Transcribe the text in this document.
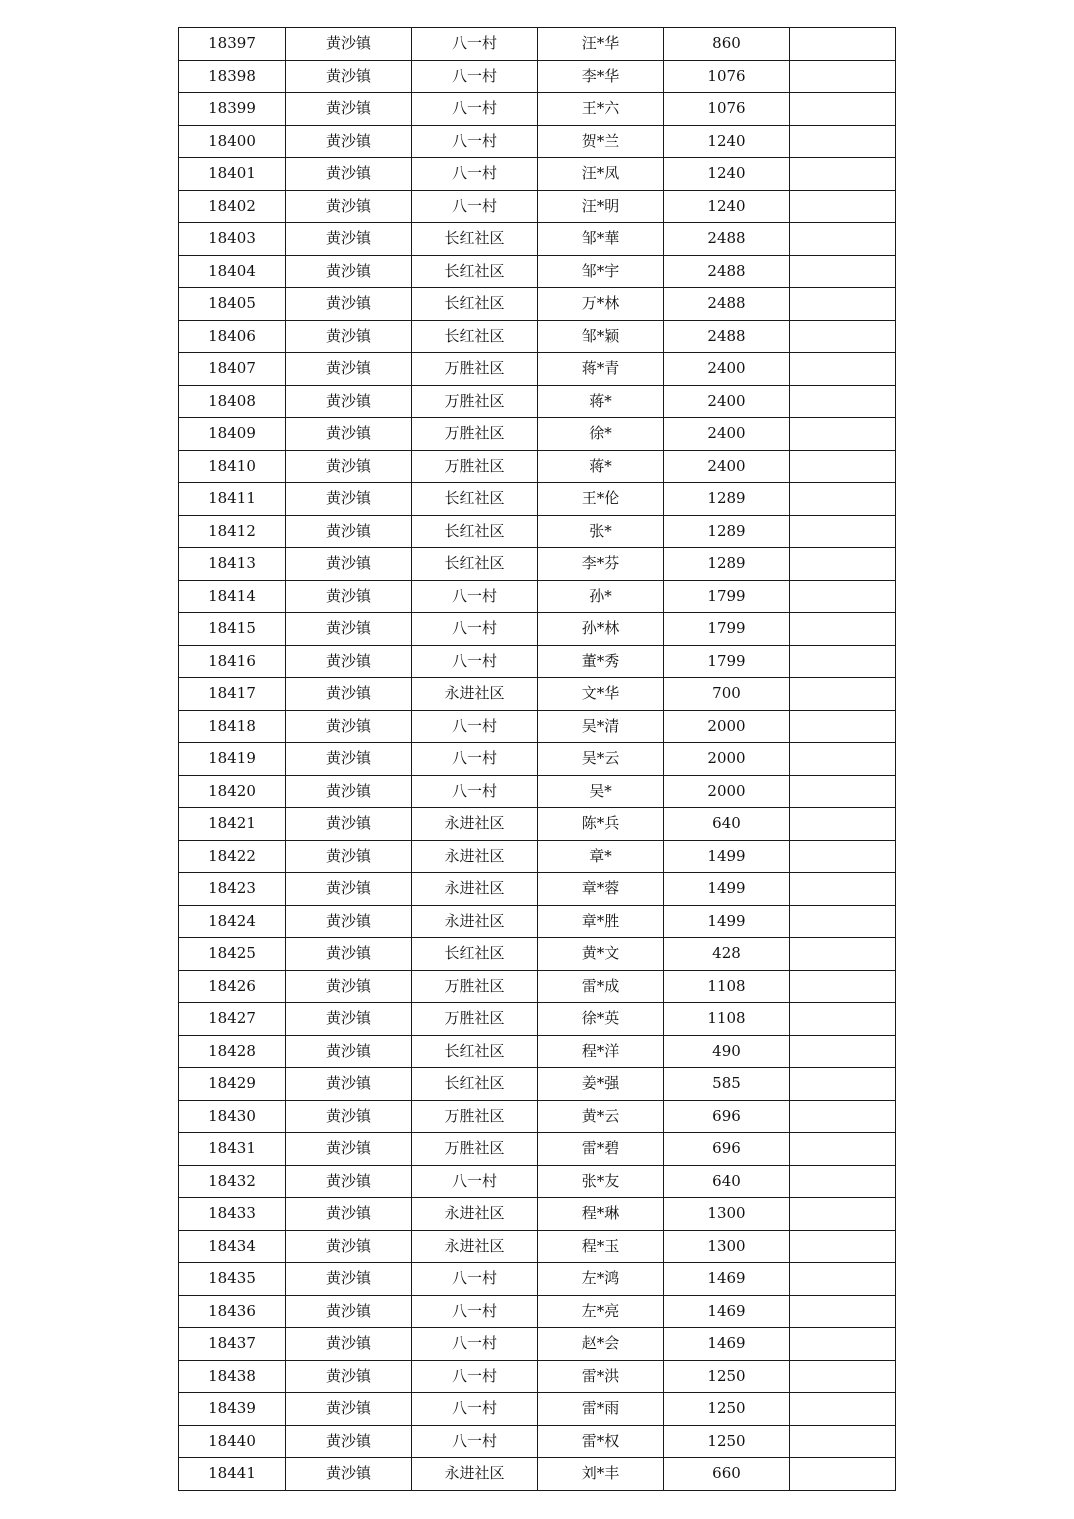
18397	黄沙镇	八一村	汪*华	860	
18398	黄沙镇	八一村	李*华	1076	
18399	黄沙镇	八一村	王*六	1076	
18400	黄沙镇	八一村	贺*兰	1240	
18401	黄沙镇	八一村	汪*凤	1240	
18402	黄沙镇	八一村	汪*明	1240	
18403	黄沙镇	长红社区	邹*華	2488	
18404	黄沙镇	长红社区	邹*宇	2488	
18405	黄沙镇	长红社区	万*林	2488	
18406	黄沙镇	长红社区	邹*颖	2488	
18407	黄沙镇	万胜社区	蒋*青	2400	
18408	黄沙镇	万胜社区	蒋*	2400	
18409	黄沙镇	万胜社区	徐*	2400	
18410	黄沙镇	万胜社区	蒋*	2400	
18411	黄沙镇	长红社区	王*伦	1289	
18412	黄沙镇	长红社区	张*	1289	
18413	黄沙镇	长红社区	李*芬	1289	
18414	黄沙镇	八一村	孙*	1799	
18415	黄沙镇	八一村	孙*林	1799	
18416	黄沙镇	八一村	董*秀	1799	
18417	黄沙镇	永进社区	文*华	700	
18418	黄沙镇	八一村	吴*清	2000	
18419	黄沙镇	八一村	吴*云	2000	
18420	黄沙镇	八一村	吴*	2000	
18421	黄沙镇	永进社区	陈*兵	640	
18422	黄沙镇	永进社区	章*	1499	
18423	黄沙镇	永进社区	章*蓉	1499	
18424	黄沙镇	永进社区	章*胜	1499	
18425	黄沙镇	长红社区	黄*文	428	
18426	黄沙镇	万胜社区	雷*成	1108	
18427	黄沙镇	万胜社区	徐*英	1108	
18428	黄沙镇	长红社区	程*洋	490	
18429	黄沙镇	长红社区	姜*强	585	
18430	黄沙镇	万胜社区	黄*云	696	
18431	黄沙镇	万胜社区	雷*碧	696	
18432	黄沙镇	八一村	张*友	640	
18433	黄沙镇	永进社区	程*琳	1300	
18434	黄沙镇	永进社区	程*玉	1300	
18435	黄沙镇	八一村	左*鸿	1469	
18436	黄沙镇	八一村	左*亮	1469	
18437	黄沙镇	八一村	赵*会	1469	
18438	黄沙镇	八一村	雷*洪	1250	
18439	黄沙镇	八一村	雷*雨	1250	
18440	黄沙镇	八一村	雷*权	1250	
18441	黄沙镇	永进社区	刘*丰	660	
